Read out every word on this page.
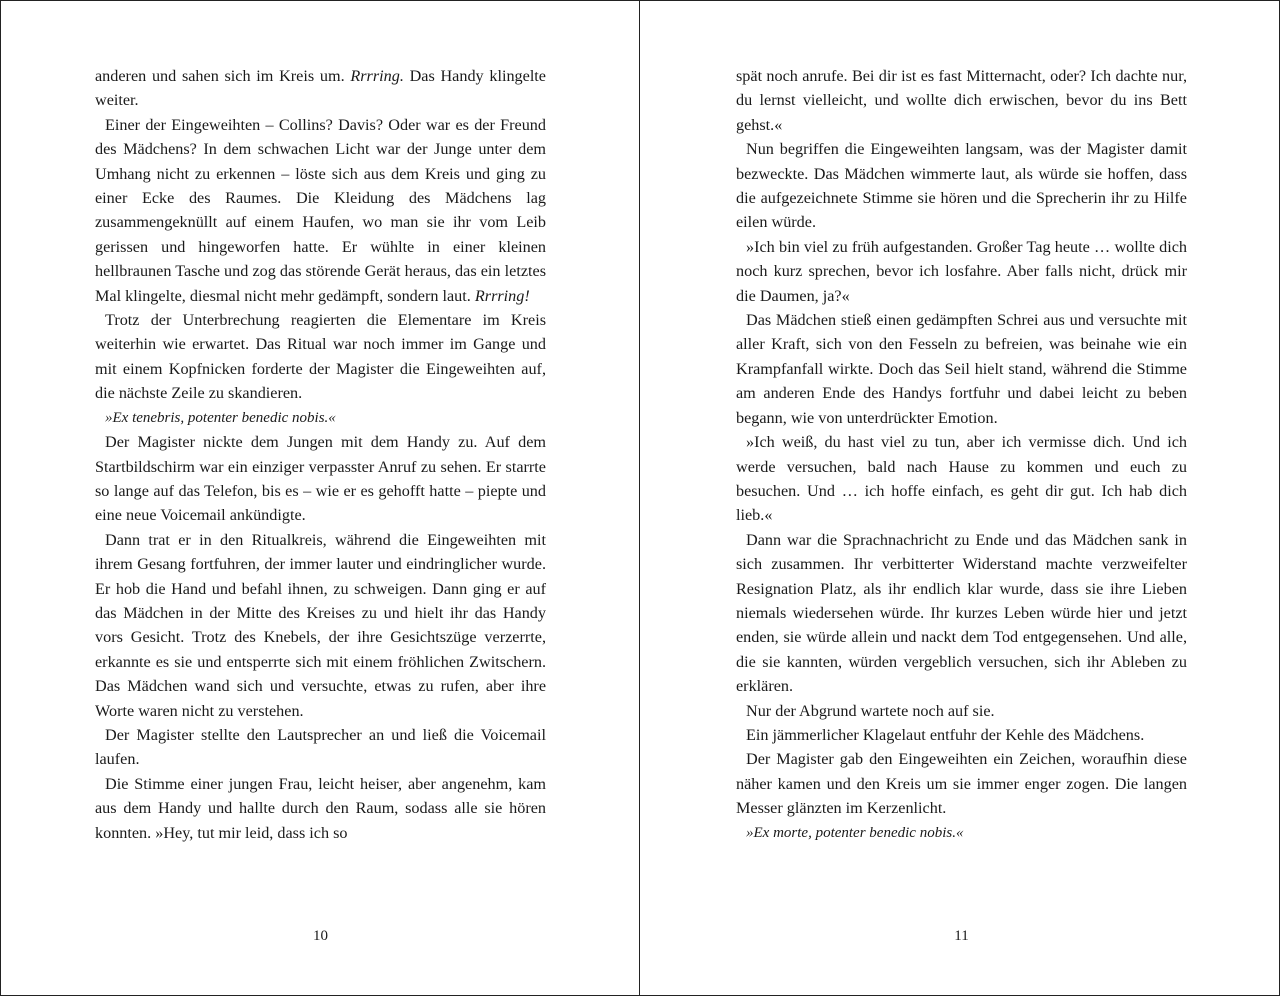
anderen und sahen sich im Kreis um. Rrrring. Das Handy klingelte weiter.

Einer der Eingeweihten – Collins? Davis? Oder war es der Freund des Mädchens? In dem schwachen Licht war der Junge unter dem Umhang nicht zu erkennen – löste sich aus dem Kreis und ging zu einer Ecke des Raumes. Die Kleidung des Mädchens lag zusammengeknüllt auf einem Haufen, wo man sie ihr vom Leib gerissen und hingeworfen hatte. Er wühlte in einer kleinen hellbraunen Tasche und zog das störende Gerät heraus, das ein letztes Mal klingelte, diesmal nicht mehr gedämpft, sondern laut. Rrrring!

Trotz der Unterbrechung reagierten die Elementare im Kreis weiterhin wie erwartet. Das Ritual war noch immer im Gange und mit einem Kopfnicken forderte der Magister die Eingeweihten auf, die nächste Zeile zu skandieren.

»Ex tenebris, potenter benedic nobis.«

Der Magister nickte dem Jungen mit dem Handy zu. Auf dem Startbildschirm war ein einziger verpasster Anruf zu sehen. Er starrte so lange auf das Telefon, bis es – wie er es gehofft hatte – piepte und eine neue Voicemail ankündigte.

Dann trat er in den Ritualkreis, während die Eingeweihten mit ihrem Gesang fortfuhren, der immer lauter und eindringlicher wurde. Er hob die Hand und befahl ihnen, zu schweigen. Dann ging er auf das Mädchen in der Mitte des Kreises zu und hielt ihr das Handy vors Gesicht. Trotz des Knebels, der ihre Gesichtszüge verzerrte, erkannte es sie und entsperrte sich mit einem fröhlichen Zwitschern. Das Mädchen wand sich und versuchte, etwas zu rufen, aber ihre Worte waren nicht zu verstehen.

Der Magister stellte den Lautsprecher an und ließ die Voicemail laufen.

Die Stimme einer jungen Frau, leicht heiser, aber angenehm, kam aus dem Handy und hallte durch den Raum, sodass alle sie hören konnten. »Hey, tut mir leid, dass ich so

spät noch anrufe. Bei dir ist es fast Mitternacht, oder? Ich dachte nur, du lernst vielleicht, und wollte dich erwischen, bevor du ins Bett gehst.«

Nun begriffen die Eingeweihten langsam, was der Magister damit bezweckte. Das Mädchen wimmerte laut, als würde sie hoffen, dass die aufgezeichnete Stimme sie hören und die Sprecherin ihr zu Hilfe eilen würde.

»Ich bin viel zu früh aufgestanden. Großer Tag heute … wollte dich noch kurz sprechen, bevor ich losfahre. Aber falls nicht, drück mir die Daumen, ja?«

Das Mädchen stieß einen gedämpften Schrei aus und versuchte mit aller Kraft, sich von den Fesseln zu befreien, was beinahe wie ein Krampfanfall wirkte. Doch das Seil hielt stand, während die Stimme am anderen Ende des Handys fortfuhr und dabei leicht zu beben begann, wie von unterdrückter Emotion.

»Ich weiß, du hast viel zu tun, aber ich vermisse dich. Und ich werde versuchen, bald nach Hause zu kommen und euch zu besuchen. Und … ich hoffe einfach, es geht dir gut. Ich hab dich lieb.«

Dann war die Sprachnachricht zu Ende und das Mädchen sank in sich zusammen. Ihr verbitterter Widerstand machte verzweifelter Resignation Platz, als ihr endlich klar wurde, dass sie ihre Lieben niemals wiedersehen würde. Ihr kurzes Leben würde hier und jetzt enden, sie würde allein und nackt dem Tod entgegensehen. Und alle, die sie kannten, würden vergeblich versuchen, sich ihr Ableben zu erklären.

Nur der Abgrund wartete noch auf sie.

Ein jämmerlicher Klagelaut entfuhr der Kehle des Mädchens.

Der Magister gab den Eingeweihten ein Zeichen, woraufhin diese näher kamen und den Kreis um sie immer enger zogen. Die langen Messer glänzten im Kerzenlicht.

»Ex morte, potenter benedic nobis.«

10	11
